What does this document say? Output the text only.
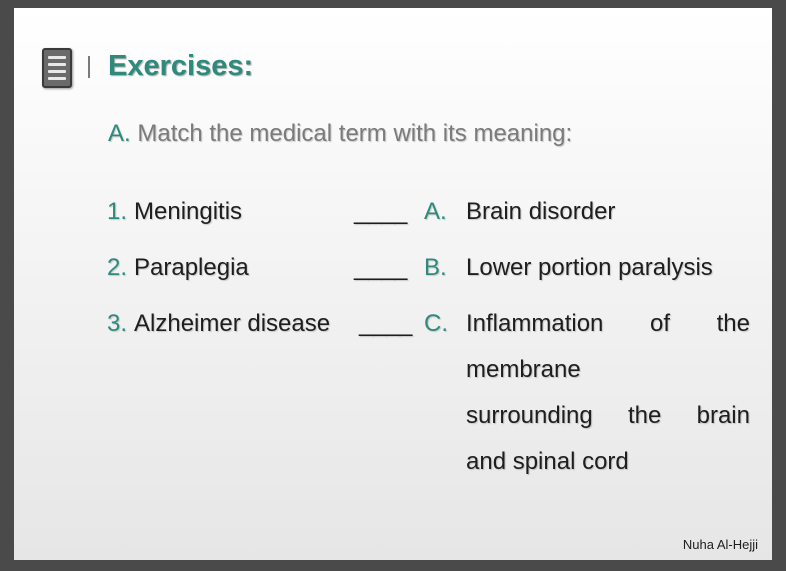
Exercises:
A. Match the medical term with its meaning:
1. Meningitis	____ A. Brain disorder
2. Paraplegia	____ B. Lower portion paralysis
3. Alzheimer disease ____ C. Inflammation of the
membrane
surrounding the brain
and spinal cord
Nuha Al-Hejji
